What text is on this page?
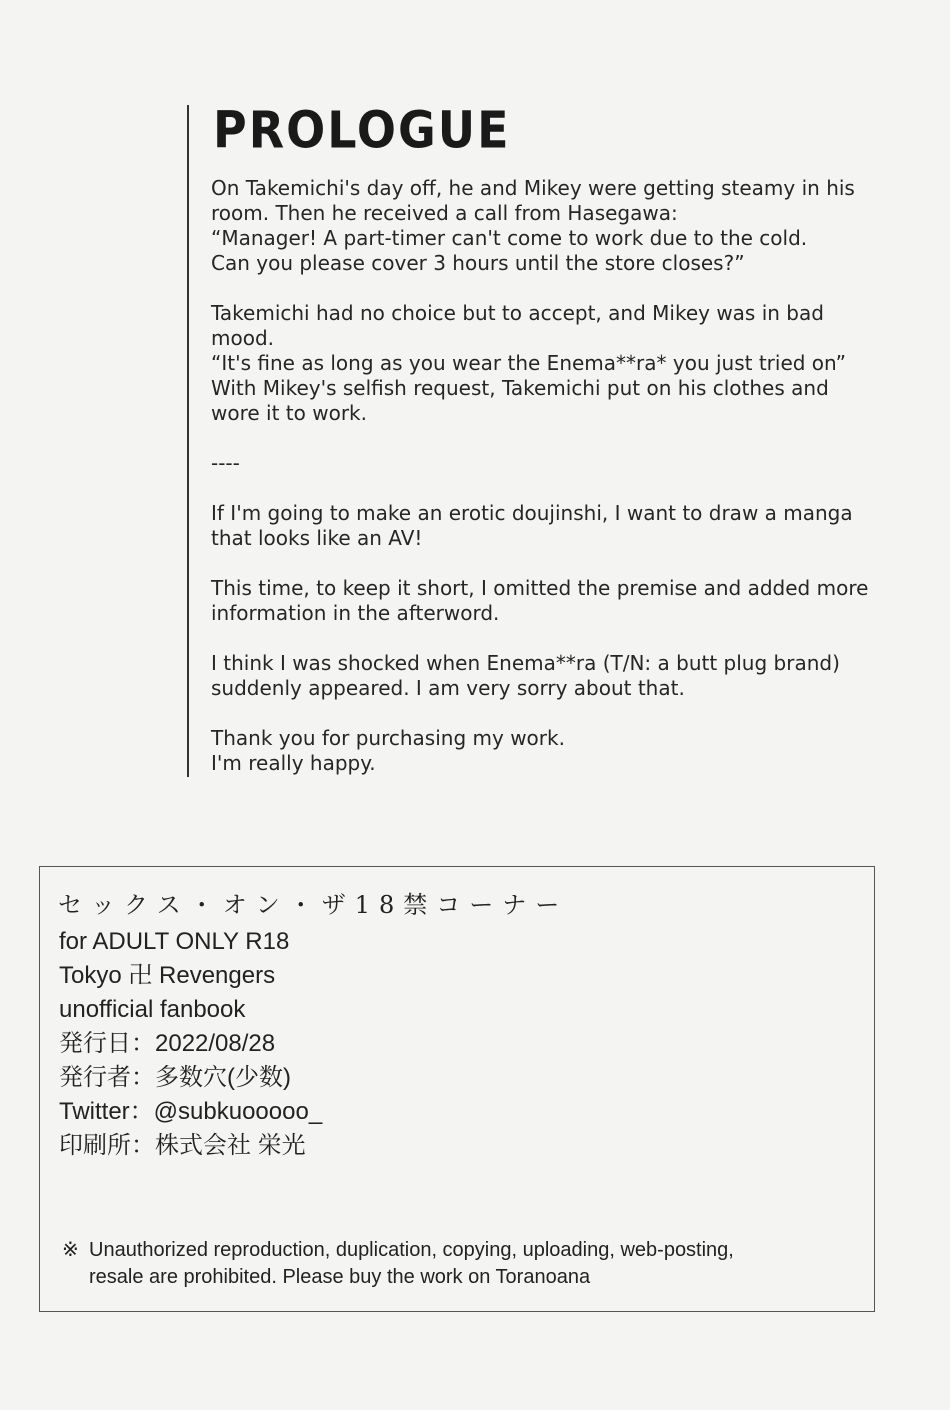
PROLOGUE

On Takemichi's day off, he and Mikey were getting steamy in his
room. Then he received a call from Hasegawa:
“Manager! A part-timer can't come to work due to the cold.
Can you please cover 3 hours until the store closes?”

Takemichi had no choice but to accept, and Mikey was in bad
mood.
“It's fine as long as you wear the Enema**ra* you just tried on”
With Mikey's selfish request, Takemichi put on his clothes and
wore it to work.

----

If I'm going to make an erotic doujinshi, I want to draw a manga
that looks like an AV!

This time, to keep it short, I omitted the premise and added more
information in the afterword.

I think I was shocked when Enema**ra (T/N: a butt plug brand)
suddenly appeared. I am very sorry about that.

Thank you for purchasing my work.
I'm really happy.

セックス・オン・ザ18禁コーナー
for ADULT ONLY R18
Tokyo 卍 Revengers
unofficial fanbook
発行日：2022/08/28
発行者：多数穴(少数)
Twitter：@subkuooooo_
印刷所：株式会社 栄光
※ Unauthorized reproduction, duplication, copying, uploading, web-posting,
resale are prohibited. Please buy the work on Toranoana
